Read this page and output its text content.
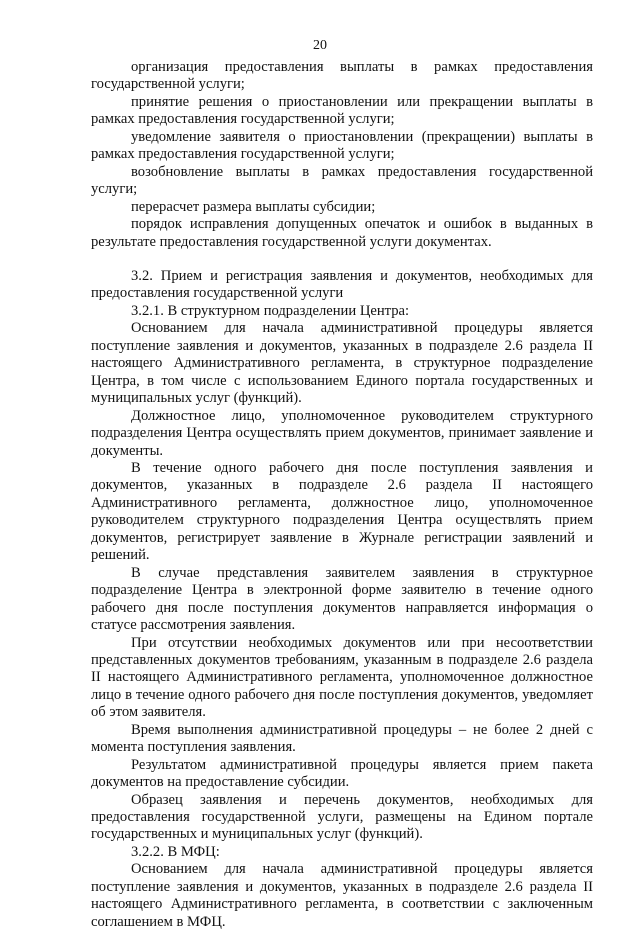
20

организация предоставления выплаты в рамках предоставления государственной услуги;

принятие решения о приостановлении или прекращении выплаты в рамках предоставления государственной услуги;

уведомление заявителя о приостановлении (прекращении) выплаты в рамках предоставления государственной услуги;

возобновление выплаты в рамках предоставления государственной услуги;

перерасчет размера выплаты субсидии;

порядок исправления допущенных опечаток и ошибок в выданных в результате предоставления государственной услуги документах.

3.2. Прием и регистрация заявления и документов, необходимых для предоставления государственной услуги

3.2.1. В структурном подразделении Центра:

Основанием для начала административной процедуры является поступление заявления и документов, указанных в подразделе 2.6 раздела II настоящего Административного регламента, в структурное подразделение Центра, в том числе с использованием Единого портала государственных и муниципальных услуг (функций).

Должностное лицо, уполномоченное руководителем структурного подразделения Центра осуществлять прием документов, принимает заявление и документы.

В течение одного рабочего дня после поступления заявления и документов, указанных в подразделе 2.6 раздела II настоящего Административного регламента, должностное лицо, уполномоченное руководителем структурного подразделения Центра осуществлять прием документов, регистрирует заявление в Журнале регистрации заявлений и решений.

В случае представления заявителем заявления в структурное подразделение Центра в электронной форме заявителю в течение одного рабочего дня после поступления документов направляется информация о статусе рассмотрения заявления.

При отсутствии необходимых документов или при несоответствии представленных документов требованиям, указанным в подразделе 2.6 раздела II настоящего Административного регламента, уполномоченное должностное лицо в течение одного рабочего дня после поступления документов, уведомляет об этом заявителя.

Время выполнения административной процедуры – не более 2 дней с момента поступления заявления.

Результатом административной процедуры является прием пакета документов на предоставление субсидии.

Образец заявления и перечень документов, необходимых для предоставления государственной услуги, размещены на Едином портале государственных и муниципальных услуг (функций).

3.2.2. В МФЦ:

Основанием для начала административной процедуры является поступление заявления и документов, указанных в подразделе 2.6 раздела II настоящего Административного регламента, в соответствии с заключенным соглашением в МФЦ.
